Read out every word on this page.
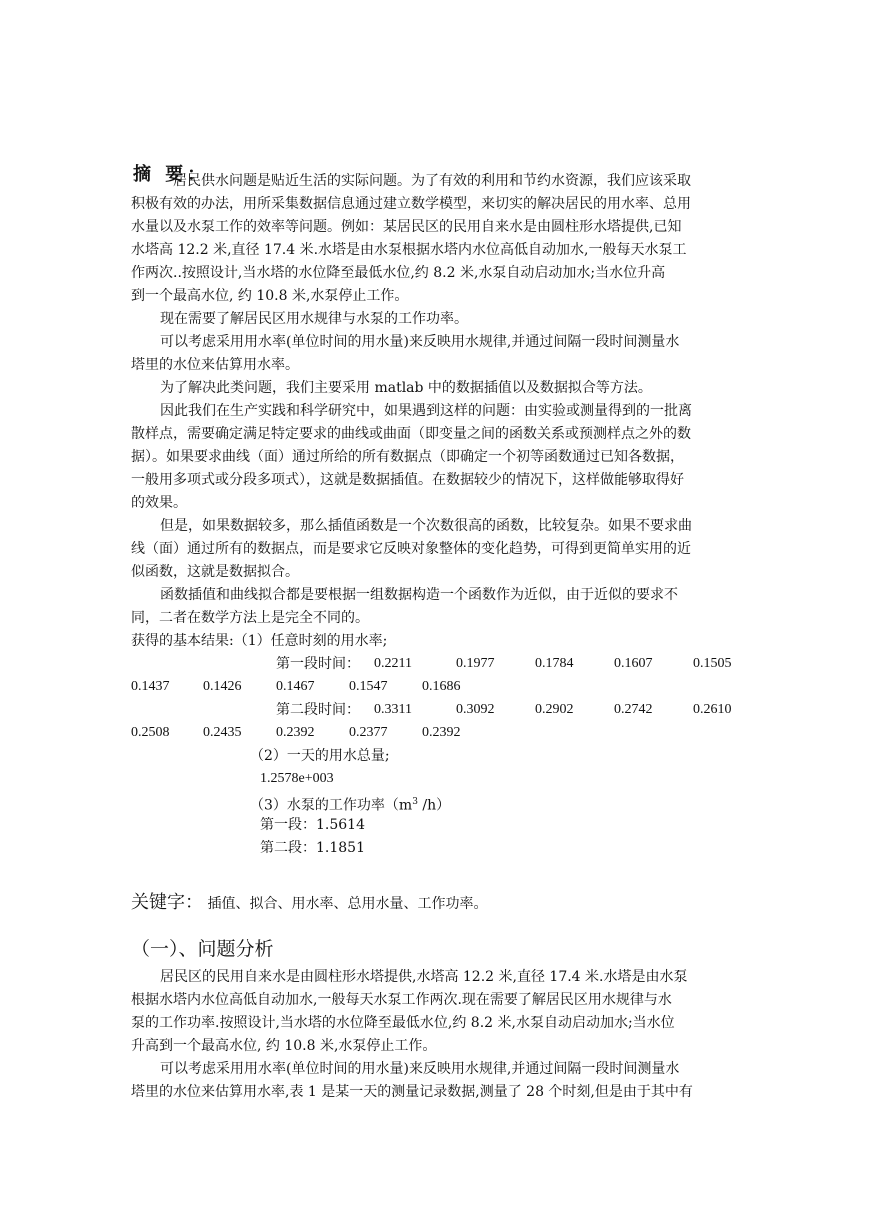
摘 要：
居民供水问题是贴近生活的实际问题。为了有效的利用和节约水资源，我们应该采取
积极有效的办法，用所采集数据信息通过建立数学模型，来切实的解决居民的用水率、总用
水量以及水泵工作的效率等问题。例如：某居民区的民用自来水是由圆柱形水塔提供,已知
水塔高 12.2 米,直径 17.4 米.水塔是由水泵根据水塔内水位高低自动加水,一般每天水泵工
作两次..按照设计,当水塔的水位降至最低水位,约 8.2 米,水泵自动启动加水;当水位升高
到一个最高水位, 约 10.8 米,水泵停止工作。
现在需要了解居民区用水规律与水泵的工作功率。
可以考虑采用用水率(单位时间的用水量)来反映用水规律,并通过间隔一段时间测量水
塔里的水位来估算用水率。
为了解决此类问题，我们主要采用 matlab 中的数据插值以及数据拟合等方法。
因此我们在生产实践和科学研究中，如果遇到这样的问题：由实验或测量得到的一批离
散样点，需要确定满足特定要求的曲线或曲面（即变量之间的函数关系或预测样点之外的数
据）。如果要求曲线（面）通过所给的所有数据点（即确定一个初等函数通过已知各数据，
一般用多项式或分段多项式），这就是数据插值。在数据较少的情况下，这样做能够取得好
的效果。
但是，如果数据较多，那么插值函数是一个次数很高的函数，比较复杂。如果不要求曲
线（面）通过所有的数据点，而是要求它反映对象整体的变化趋势，可得到更简单实用的近
似函数，这就是数据拟合。
函数插值和曲线拟合都是要根据一组数据构造一个函数作为近似，由于近似的要求不
同，二者在数学方法上是完全不同的。
获得的基本结果:（1）任意时刻的用水率;
第一段时间： 0.2211	0.1977	0.1784	0.1607	0.1505
0.1437 0.1426 0.1467 0.1547 0.1686
第二段时间： 0.3311	0.3092	0.2902	0.2742	0.2610
0.2508 0.2435 0.2392 0.2377 0.2392
（2）一天的用水总量;
1.2578e+003
（3）水泵的工作功率（$m^3$ /h）
第一段：1.5614
第二段：1.1851
关键字： 插值、拟合、用水率、总用水量、工作功率。
（一）、问题分析
居民区的民用自来水是由圆柱形水塔提供,水塔高 12.2 米,直径 17.4 米.水塔是由水泵
根据水塔内水位高低自动加水,一般每天水泵工作两次.现在需要了解居民区用水规律与水
泵的工作功率.按照设计,当水塔的水位降至最低水位,约 8.2 米,水泵自动启动加水;当水位
升高到一个最高水位, 约 10.8 米,水泵停止工作。
可以考虑采用用水率(单位时间的用水量)来反映用水规律,并通过间隔一段时间测量水
塔里的水位来估算用水率,表 1 是某一天的测量记录数据,测量了 28 个时刻,但是由于其中有
